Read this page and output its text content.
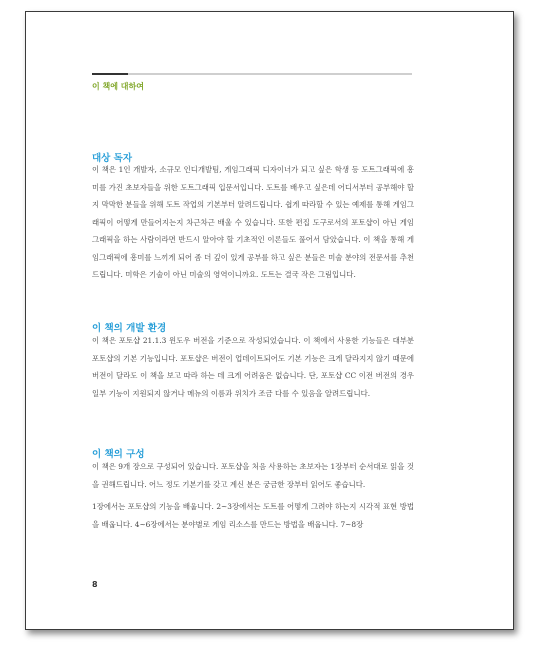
이 책에 대하여
대상 독자

이 책은 1인 개발자, 소규모 인디개발팀, 게임그래픽 디자이너가 되고 싶은 학생 등 도트그래픽에 흥미를 가진 초보자들을 위한 도트그래픽 입문서입니다. 도트를 배우고 싶은데 어디서부터 공부해야 할지 막막한 분들을 위해 도트 작업의 기본부터 알려드립니다. 쉽게 따라할 수 있는 예제를 통해 게임그래픽이 어떻게 만들어지는지 차근차근 배울 수 있습니다. 또한 편집 도구로서의 포토샵이 아닌 게임그래픽을 하는 사람이라면 반드시 알아야 할 기초적인 이론들도 풀어서 담았습니다. 이 책을 통해 게임그래픽에 흥미를 느끼게 되어 좀 더 깊이 있게 공부를 하고 싶은 분들은 미술 분야의 전문서를 추천 드립니다. 미학은 기술이 아닌 미술의 영역이니까요. 도트는 결국 작은 그림입니다.

이 책의 개발 환경

이 책은 포토샵 21.1.3 윈도우 버전을 기준으로 작성되었습니다. 이 책에서 사용한 기능들은 대부분 포토샵의 기본 기능입니다. 포토샵은 버전이 업데이트되어도 기본 기능은 크게 달라지지 않기 때문에 버전이 달라도 이 책을 보고 따라 하는 데 크게 어려움은 없습니다. 단, 포토샵 CC 이전 버전의 경우 일부 기능이 지원되지 않거나 메뉴의 이름과 위치가 조금 다를 수 있음을 알려드립니다.

이 책의 구성

이 책은 9개 장으로 구성되어 있습니다. 포토샵을 처음 사용하는 초보자는 1장부터 순서대로 읽을 것을 권해드립니다. 어느 정도 기본기를 갖고 계신 분은 궁금한 장부터 읽어도 좋습니다.

1장에서는 포토샵의 기능을 배웁니다. 2~3장에서는 도트를 어떻게 그려야 하는지 시각적 표현 방법을 배웁니다. 4~6장에서는 분야별로 게임 리소스를 만드는 방법을 배웁니다. 7~8장

8
